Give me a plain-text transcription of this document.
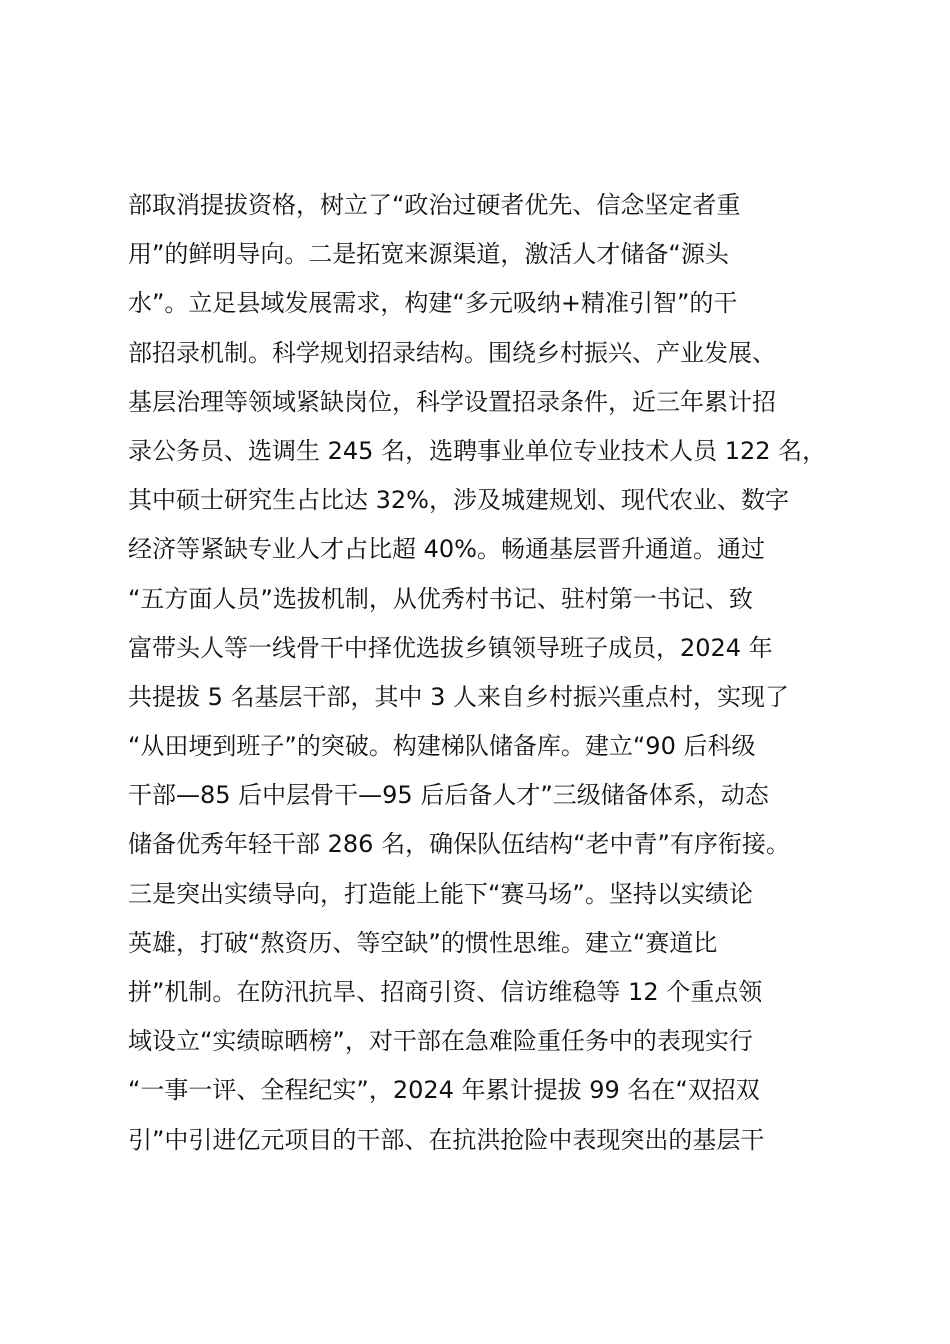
部取消提拔资格，树立了“政治过硬者优先、信念坚定者重
用”的鲜明导向。二是拓宽来源渠道，激活人才储备“源头
水”。立足县域发展需求，构建“多元吸纳+精准引智”的干
部招录机制。科学规划招录结构。围绕乡村振兴、产业发展、
基层治理等领域紧缺岗位，科学设置招录条件，近三年累计招
录公务员、选调生 245 名，选聘事业单位专业技术人员 122 名，
其中硕士研究生占比达 32%，涉及城建规划、现代农业、数字
经济等紧缺专业人才占比超 40%。畅通基层晋升通道。通过
“五方面人员”选拔机制，从优秀村书记、驻村第一书记、致
富带头人等一线骨干中择优选拔乡镇领导班子成员，2024 年
共提拔 5 名基层干部，其中 3 人来自乡村振兴重点村，实现了
“从田埂到班子”的突破。构建梯队储备库。建立“90 后科级
干部—85 后中层骨干—95 后后备人才”三级储备体系，动态
储备优秀年轻干部 286 名，确保队伍结构“老中青”有序衔接。
三是突出实绩导向，打造能上能下“赛马场”。坚持以实绩论
英雄，打破“熬资历、等空缺”的惯性思维。建立“赛道比
拼”机制。在防汛抗旱、招商引资、信访维稳等 12 个重点领
域设立“实绩晾晒榜”，对干部在急难险重任务中的表现实行
“一事一评、全程纪实”，2024 年累计提拔 99 名在“双招双
引”中引进亿元项目的干部、在抗洪抢险中表现突出的基层干
